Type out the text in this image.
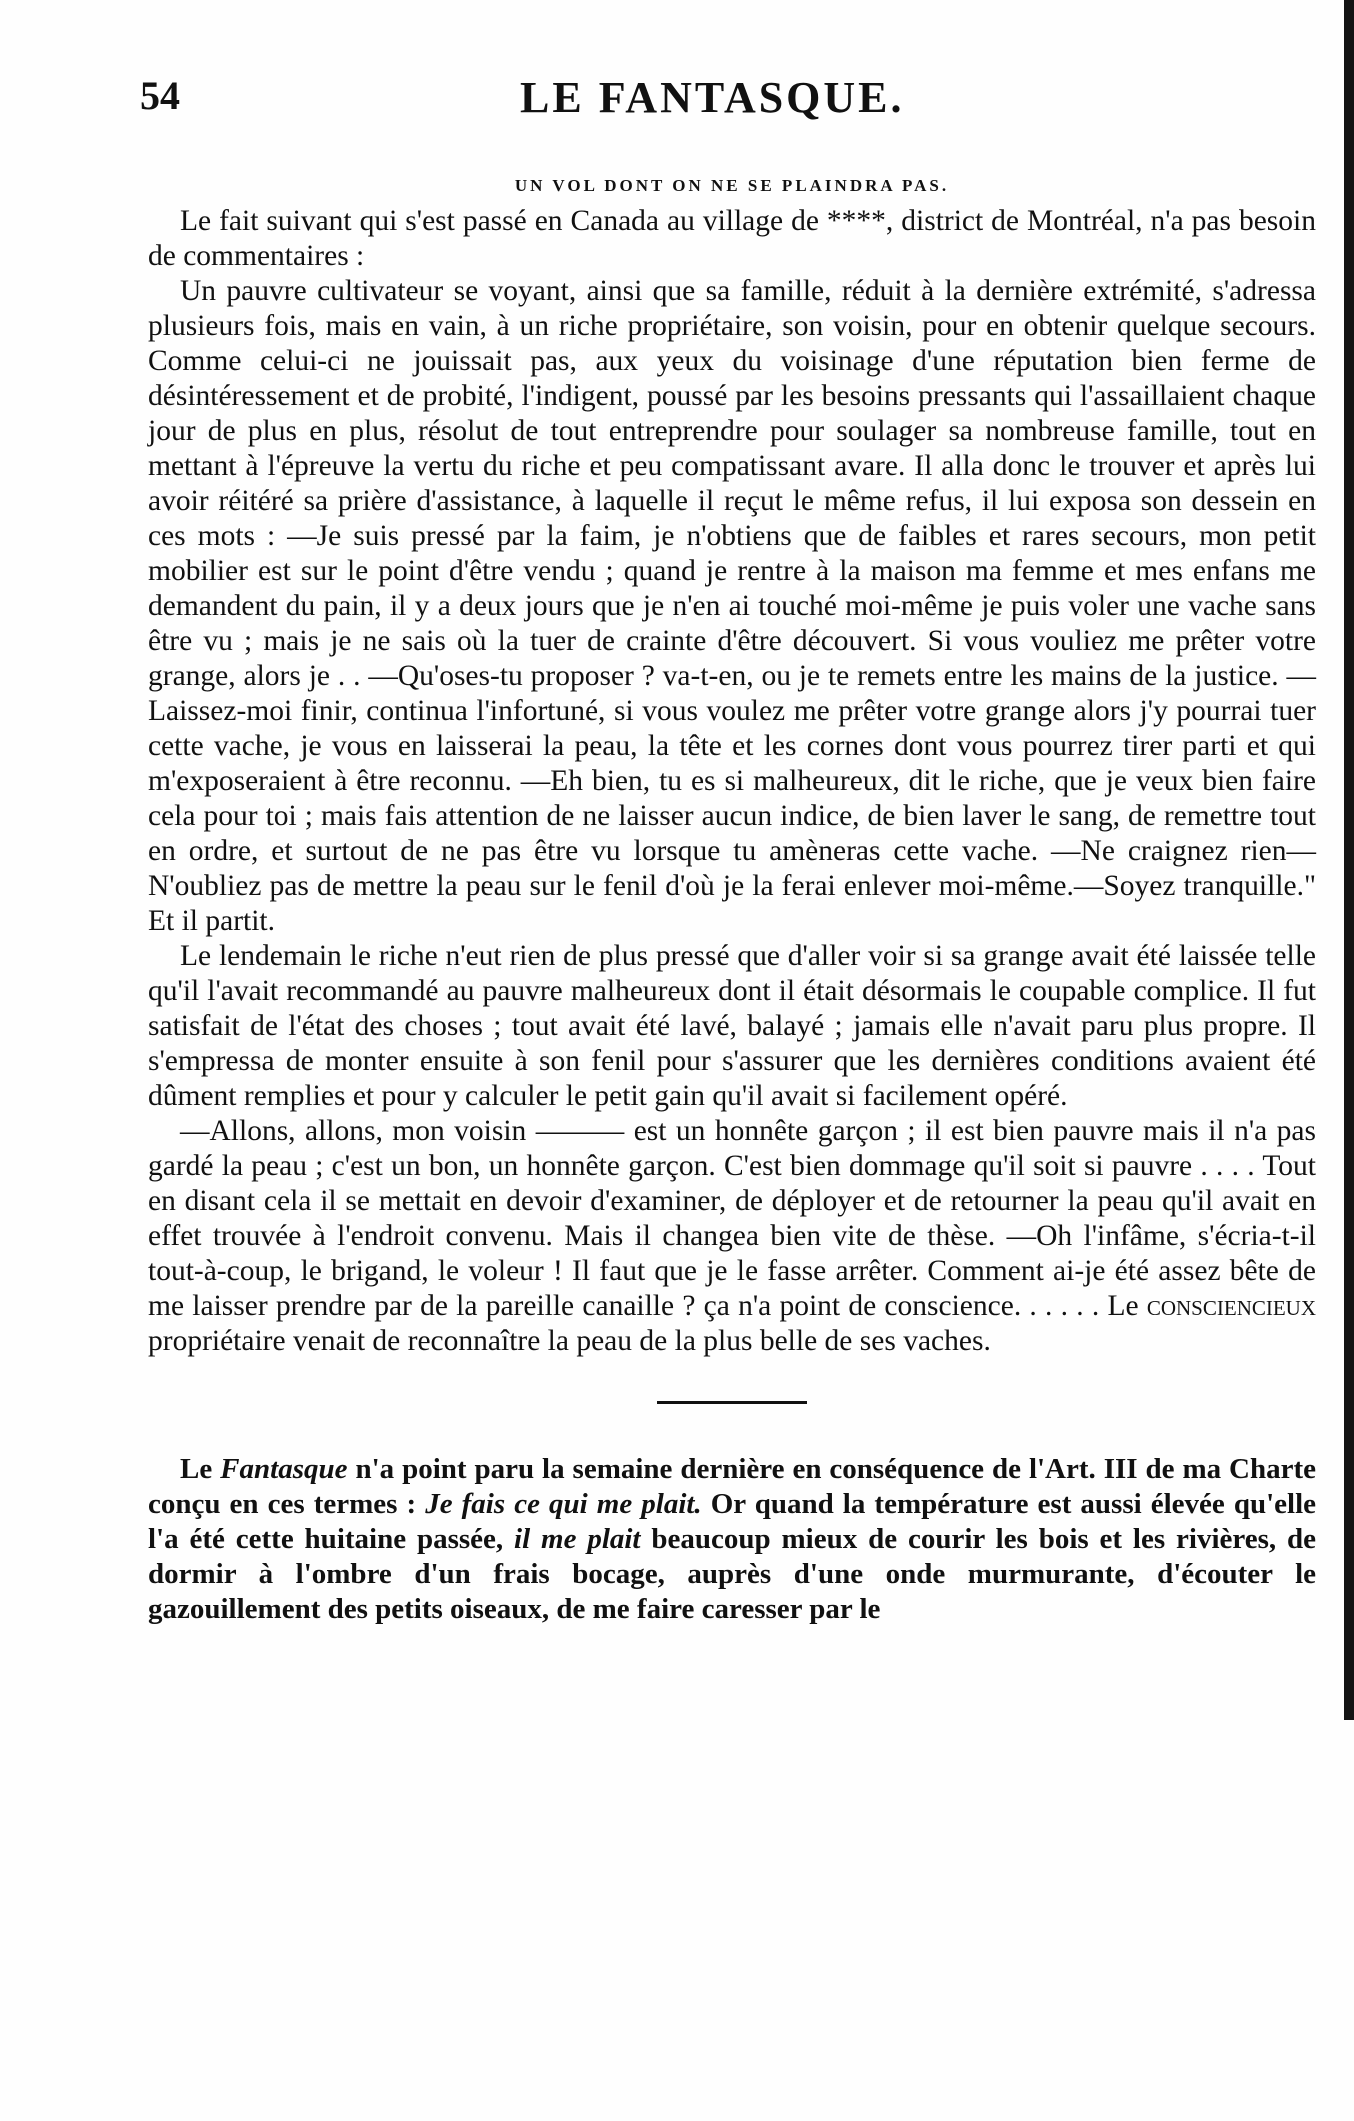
54	LE FANTASQUE.
UN VOL DONT ON NE SE PLAINDRA PAS.

Le fait suivant qui s'est passé en Canada au village de ****, district de Montréal, n'a pas besoin de commentaires :

Un pauvre cultivateur se voyant, ainsi que sa famille, réduit à la dernière extrémité, s'adressa plusieurs fois, mais en vain, à un riche propriétaire, son voisin, pour en obtenir quelque secours. Comme celui-ci ne jouissait pas, aux yeux du voisinage d'une réputation bien ferme de désintéressement et de probité, l'indigent, poussé par les besoins pressants qui l'assaillaient chaque jour de plus en plus, résolut de tout entreprendre pour soulager sa nombreuse famille, tout en mettant à l'épreuve la vertu du riche et peu compatissant avare. Il alla donc le trouver et après lui avoir réitéré sa prière d'assistance, à laquelle il reçut le même refus, il lui exposa son dessein en ces mots : —Je suis pressé par la faim, je n'obtiens que de faibles et rares secours, mon petit mobilier est sur le point d'être vendu ; quand je rentre à la maison ma femme et mes enfans me demandent du pain, il y a deux jours que je n'en ai touché moi-même je puis voler une vache sans être vu ; mais je ne sais où la tuer de crainte d'être découvert. Si vous vouliez me prêter votre grange, alors je . . —Qu'oses-tu proposer ? va-t-en, ou je te remets entre les mains de la justice. —Laissez-moi finir, continua l'infortuné, si vous voulez me prêter votre grange alors j'y pourrai tuer cette vache, je vous en laisserai la peau, la tête et les cornes dont vous pourrez tirer parti et qui m'exposeraient à être reconnu. —Eh bien, tu es si malheureux, dit le riche, que je veux bien faire cela pour toi ; mais fais attention de ne laisser aucun indice, de bien laver le sang, de remettre tout en ordre, et surtout de ne pas être vu lorsque tu amèneras cette vache. —Ne craignez rien—N'oubliez pas de mettre la peau sur le fenil d'où je la ferai enlever moi-même.—Soyez tranquille." Et il partit.

Le lendemain le riche n'eut rien de plus pressé que d'aller voir si sa grange avait été laissée telle qu'il l'avait recommandé au pauvre malheureux dont il était désormais le coupable complice. Il fut satisfait de l'état des choses ; tout avait été lavé, balayé ; jamais elle n'avait paru plus propre. Il s'empressa de monter ensuite à son fenil pour s'assurer que les dernières conditions avaient été dûment remplies et pour y calculer le petit gain qu'il avait si facilement opéré.

—Allons, allons, mon voisin ——— est un honnête garçon ; il est bien pauvre mais il n'a pas gardé la peau ; c'est un bon, un honnête garçon. C'est bien dommage qu'il soit si pauvre . . . . Tout en disant cela il se mettait en devoir d'examiner, de déployer et de retourner la peau qu'il avait en effet trouvée à l'endroit convenu. Mais il changea bien vite de thèse. —Oh l'infâme, s'écria-t-il tout-à-coup, le brigand, le voleur ! Il faut que je le fasse arrêter. Comment ai-je été assez bête de me laisser prendre par de la pareille canaille ? ça n'a point de conscience. . . . . . Le consciencieux propriétaire venait de reconnaître la peau de la plus belle de ses vaches.

Le Fantasque n'a point paru la semaine dernière en conséquence de l'Art. III de ma Charte conçu en ces termes : Je fais ce qui me plait. Or quand la température est aussi élevée qu'elle l'a été cette huitaine passée, il me plait beaucoup mieux de courir les bois et les rivières, de dormir à l'ombre d'un frais bocage, auprès d'une onde murmurante, d'écouter le gazouillement des petits oiseaux, de me faire caresser par le
